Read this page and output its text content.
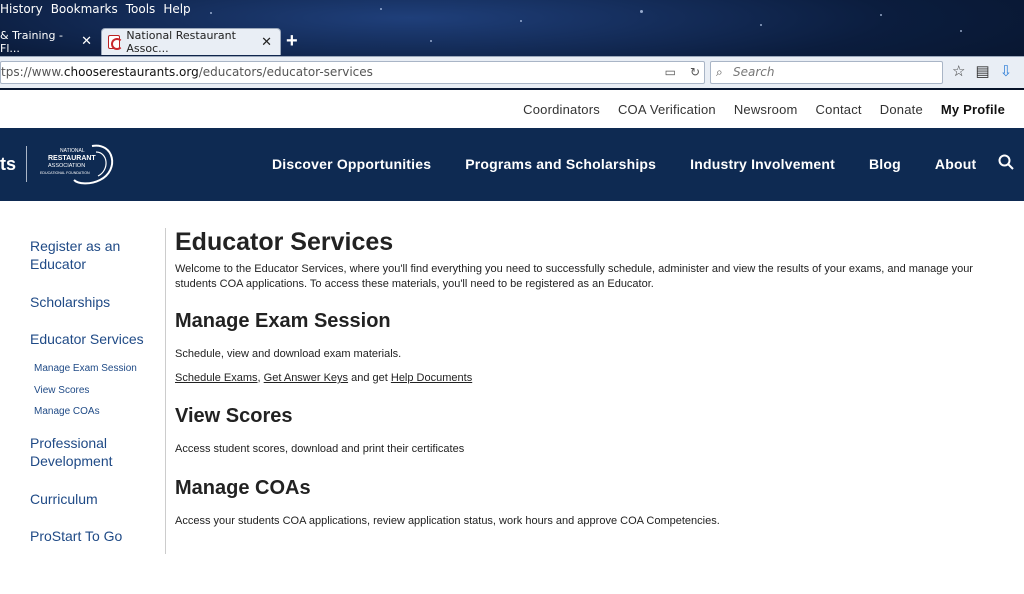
History Bookmarks Tools Help
& Training - Fl...	✕	National Restaurant Assoc...	✕ +
tps://www.chooserestaurants.org/educators/educator-services	▭ ↻ ⌕ Search	☆ ▤ ⇩
Coordinators COA Verification Newsroom Contact Donate My Profile
ts
NATIONAL
RESTAURANT
ASSOCIATION
EDUCATIONAL FOUNDATION
Discover Opportunities Programs and Scholarships Industry Involvement Blog About
Register as an Educator
Scholarships
Educator Services
Manage Exam Session
View Scores
Manage COAs
Professional Development
Curriculum
ProStart To Go
Educator Services
Welcome to the Educator Services, where you'll find everything you need to successfully schedule, administer and view the results of your exams, and manage your students COA applications. To access these materials, you'll need to be registered as an Educator.
Manage Exam Session
Schedule, view and download exam materials.
Schedule Exams, Get Answer Keys and get Help Documents
View Scores
Access student scores, download and print their certificates
Manage COAs
Access your students COA applications, review application status, work hours and approve COA Competencies.
